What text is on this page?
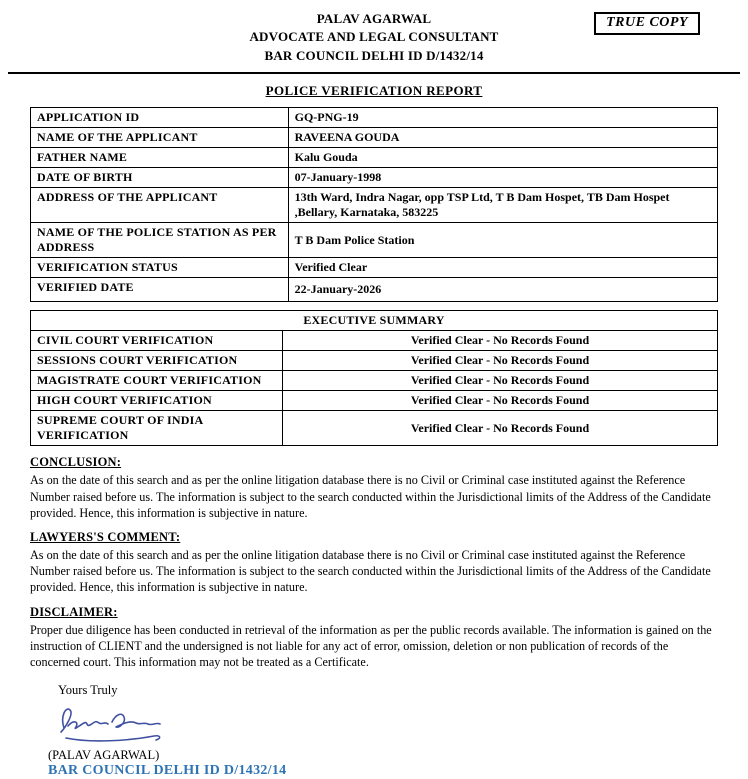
TRUE COPY
PALAV AGARWAL
ADVOCATE AND LEGAL CONSULTANT
BAR COUNCIL DELHI ID D/1432/14
POLICE VERIFICATION REPORT
APPLICATION ID	GQ-PNG-19
NAME OF THE APPLICANT	RAVEENA GOUDA
FATHER NAME	Kalu Gouda
DATE OF BIRTH	07-January-1998
ADDRESS OF THE APPLICANT	13th Ward, Indra Nagar, opp TSP Ltd, T B Dam Hospet, TB Dam Hospet ,Bellary, Karnataka, 583225
NAME OF THE POLICE STATION AS PER ADDRESS	T B Dam Police Station
VERIFICATION STATUS	Verified Clear
VERIFIED DATE	22-January-2026
EXECUTIVE SUMMARY	
CIVIL COURT VERIFICATION	Verified Clear - No Records Found
SESSIONS COURT VERIFICATION	Verified Clear - No Records Found
MAGISTRATE COURT VERIFICATION	Verified Clear - No Records Found
HIGH COURT VERIFICATION	Verified Clear - No Records Found
SUPREME COURT OF INDIA VERIFICATION	Verified Clear - No Records Found
CONCLUSION:
As on the date of this search and as per the online litigation database there is no Civil or Criminal case instituted against the Reference Number raised before us. The information is subject to the search conducted within the Jurisdictional limits of the Address of the Candidate provided. Hence, this information is subjective in nature.
LAWYERS'S COMMENT:
As on the date of this search and as per the online litigation database there is no Civil or Criminal case instituted against the Reference Number raised before us. The information is subject to the search conducted within the Jurisdictional limits of the Address of the Candidate provided. Hence, this information is subjective in nature.
DISCLAIMER:
Proper due diligence has been conducted in retrieval of the information as per the public records available. The information is gained on the instruction of CLIENT and the undersigned is not liable for any act of error, omission, deletion or non publication of records of the concerned court. This information may not be treated as a Certificate.
Yours Truly
(PALAV AGARWAL)
BAR COUNCIL DELHI ID D/1432/14
